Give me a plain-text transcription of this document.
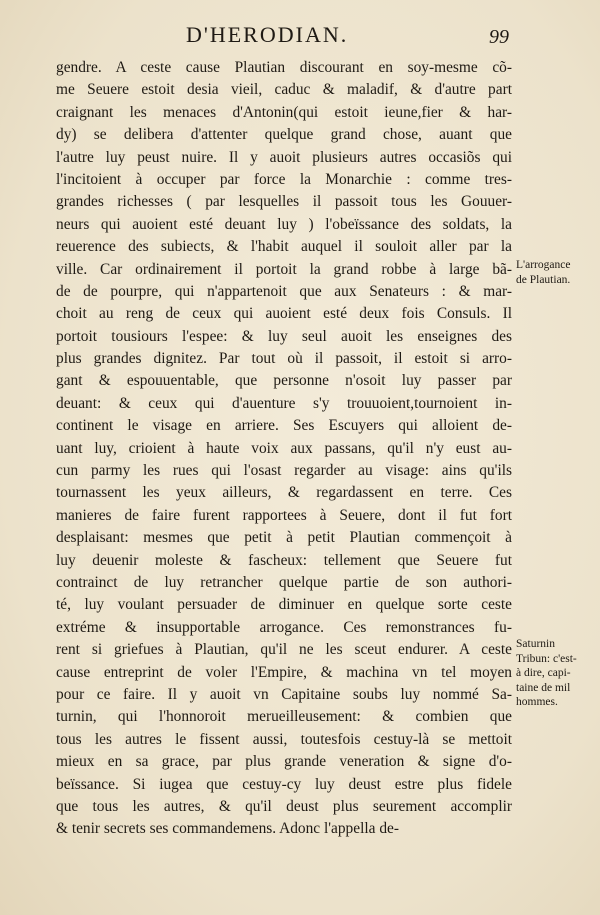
D'HERODIAN.	99
gendre. A ceste cause Plautian discourant en soy-mesme cõ-
me Seuere estoit desia vieil, caduc & maladif, & d'autre part
craignant les menaces d'Antonin(qui estoit ieune,fier & har-
dy) se delibera d'attenter quelque grand chose, auant que
l'autre luy peust nuire. Il y auoit plusieurs autres occasiõs qui
l'incitoient à occuper par force la Monarchie : comme tres-
grandes richesses ( par lesquelles il passoit tous les Gouuer-
neurs qui auoient esté deuant luy ) l'obeïssance des soldats, la
reuerence des subiects, & l'habit auquel il souloit aller par la
ville. Car ordinairement il portoit la grand robbe à large bã-
de de pourpre, qui n'appartenoit que aux Senateurs : & mar-
choit au reng de ceux qui auoient esté deux fois Consuls. Il
portoit tousiours l'espee: & luy seul auoit les enseignes des
plus grandes dignitez. Par tout où il passoit, il estoit si arro-
gant & espouuentable, que personne n'osoit luy passer par
deuant: & ceux qui d'auenture s'y trouuoient,tournoient in-
continent le visage en arriere. Ses Escuyers qui alloient de-
uant luy, crioient à haute voix aux passans, qu'il n'y eust au-
cun parmy les rues qui l'osast regarder au visage: ains qu'ils
tournassent les yeux ailleurs, & regardassent en terre. Ces
manieres de faire furent rapportees à Seuere, dont il fut fort
desplaisant: mesmes que petit à petit Plautian commençoit à
luy deuenir moleste & fascheux: tellement que Seuere fut
contrainct de luy retrancher quelque partie de son authori-
té, luy voulant persuader de diminuer en quelque sorte ceste
extréme & insupportable arrogance. Ces remonstrances fu-
rent si griefues à Plautian, qu'il ne les sceut endurer. A ceste
cause entreprint de voler l'Empire, & machina vn tel moyen
pour ce faire. Il y auoit vn Capitaine soubs luy nommé Sa-
turnin, qui l'honnoroit merueilleusement: & combien que
tous les autres le fissent aussi, toutesfois cestuy-là se mettoit
mieux en sa grace, par plus grande veneration & signe d'o-
beïssance. Si iugea que cestuy-cy luy deust estre plus fidele
que tous les autres, & qu'il deust plus seurement accomplir
& tenir secrets ses commandemens. Adonc l'appella de-
L'arrogance
de Plautian.
Saturnin
Tribun: c'est-
à dire, capi-
taine de mil
hommes.
